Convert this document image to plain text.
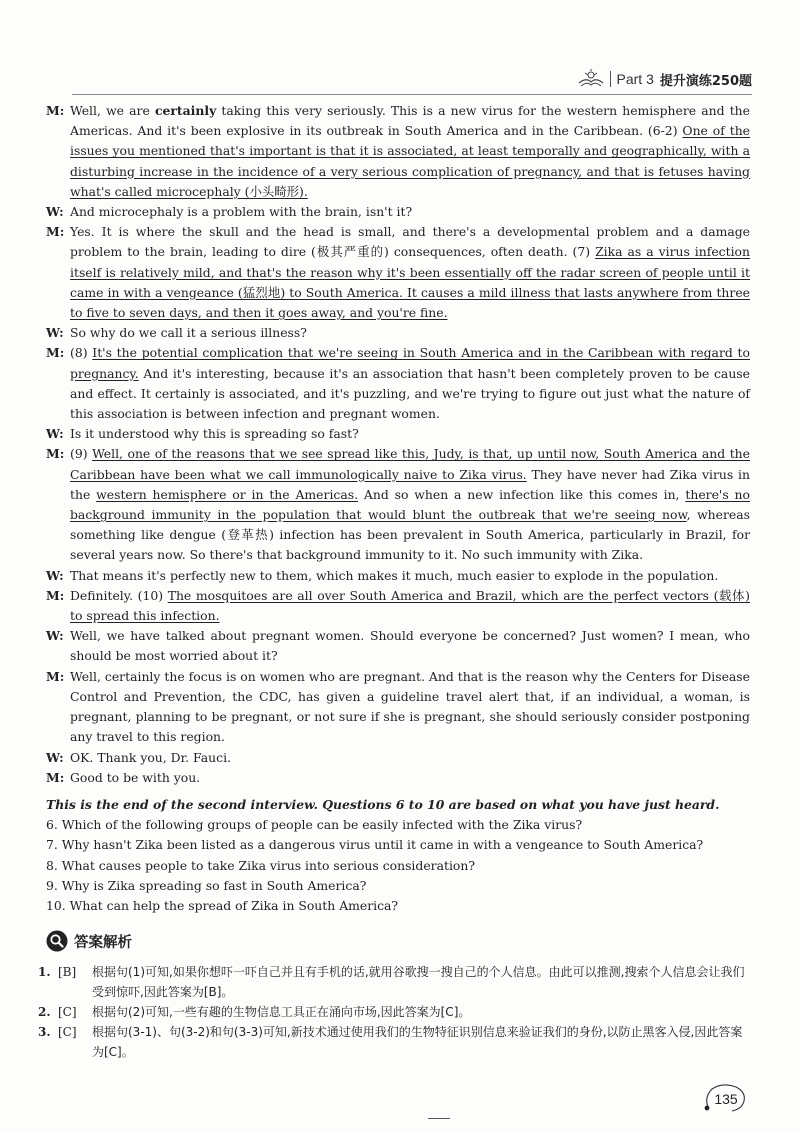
Part 3 提升演练250题
M: Well, we are certainly taking this very seriously. This is a new virus for the western hemisphere and the Americas. And it's been explosive in its outbreak in South America and in the Caribbean. (6-2) One of the issues you mentioned that's important is that it is associated, at least temporally and geographically, with a disturbing increase in the incidence of a very serious complication of pregnancy, and that is fetuses having what's called microcephaly (小头畸形).
W: And microcephaly is a problem with the brain, isn't it?
M: Yes. It is where the skull and the head is small, and there's a developmental problem and a damage problem to the brain, leading to dire (极其严重的) consequences, often death. (7) Zika as a virus infection itself is relatively mild, and that's the reason why it's been essentially off the radar screen of people until it came in with a vengeance (猛烈地) to South America. It causes a mild illness that lasts anywhere from three to five to seven days, and then it goes away, and you're fine.
W: So why do we call it a serious illness?
M: (8) It's the potential complication that we're seeing in South America and in the Caribbean with regard to pregnancy. And it's interesting, because it's an association that hasn't been completely proven to be cause and effect. It certainly is associated, and it's puzzling, and we're trying to figure out just what the nature of this association is between infection and pregnant women.
W: Is it understood why this is spreading so fast?
M: (9) Well, one of the reasons that we see spread like this, Judy, is that, up until now, South America and the Caribbean have been what we call immunologically naive to Zika virus. They have never had Zika virus in the western hemisphere or in the Americas. And so when a new infection like this comes in, there's no background immunity in the population that would blunt the outbreak that we're seeing now, whereas something like dengue (登革热) infection has been prevalent in South America, particularly in Brazil, for several years now. So there's that background immunity to it. No such immunity with Zika.
W: That means it's perfectly new to them, which makes it much, much easier to explode in the population.
M: Definitely. (10) The mosquitoes are all over South America and Brazil, which are the perfect vectors (载体) to spread this infection.
W: Well, we have talked about pregnant women. Should everyone be concerned? Just women? I mean, who should be most worried about it?
M: Well, certainly the focus is on women who are pregnant. And that is the reason why the Centers for Disease Control and Prevention, the CDC, has given a guideline travel alert that, if an individual, a woman, is pregnant, planning to be pregnant, or not sure if she is pregnant, she should seriously consider postponing any travel to this region.
W: OK. Thank you, Dr. Fauci.
M: Good to be with you.
This is the end of the second interview. Questions 6 to 10 are based on what you have just heard.
6. Which of the following groups of people can be easily infected with the Zika virus?
7. Why hasn't Zika been listed as a dangerous virus until it came in with a vengeance to South America?
8. What causes people to take Zika virus into serious consideration?
9. Why is Zika spreading so fast in South America?
10. What can help the spread of Zika in South America?
答案解析
1. [B]	根据句(1)可知,如果你想吓一吓自己并且有手机的话,就用谷歌搜一搜自己的个人信息。由此可以推测,搜索个人信息会让我们受到惊吓,因此答案为[B]。
2. [C]	根据句(2)可知,一些有趣的生物信息工具正在涌向市场,因此答案为[C]。
3. [C]	根据句(3-1)、句(3-2)和句(3-3)可知,新技术通过使用我们的生物特征识别信息来验证我们的身份,以防止黑客入侵,因此答案为[C]。
135
